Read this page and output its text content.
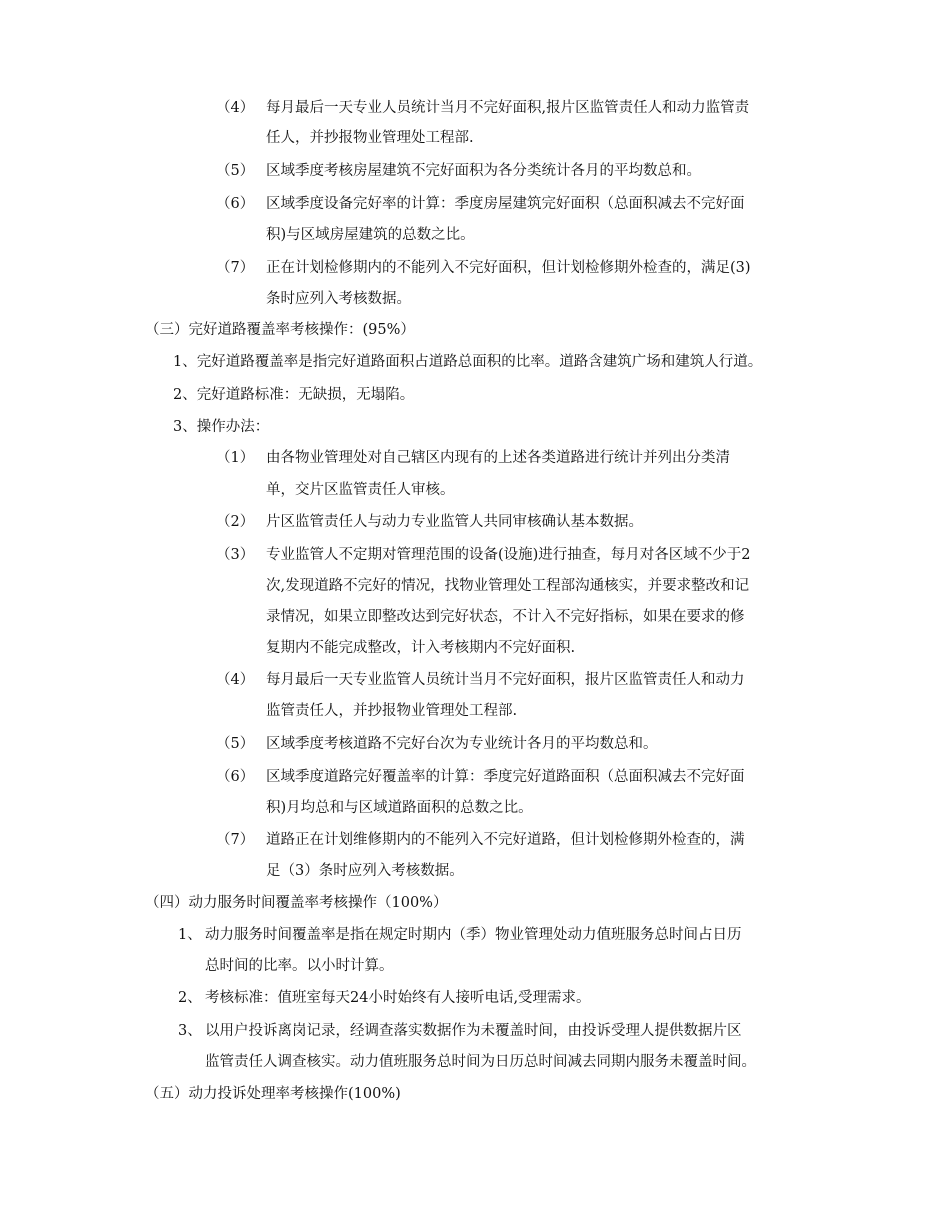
（4） 每月最后一天专业人员统计当月不完好面积,报片区监管责任人和动力监管责
任人，并抄报物业管理处工程部.
（5） 区域季度考核房屋建筑不完好面积为各分类统计各月的平均数总和。
（6） 区域季度设备完好率的计算：季度房屋建筑完好面积（总面积减去不完好面
积)与区域房屋建筑的总数之比。
（7） 正在计划检修期内的不能列入不完好面积，但计划检修期外检查的，满足(3)
条时应列入考核数据。
（三）完好道路覆盖率考核操作：(95%）
1、完好道路覆盖率是指完好道路面积占道路总面积的比率。道路含建筑广场和建筑人行道。
2、完好道路标准：无缺损，无塌陷。
3、操作办法：
（1） 由各物业管理处对自己辖区内现有的上述各类道路进行统计并列出分类清
单，交片区监管责任人审核。
（2） 片区监管责任人与动力专业监管人共同审核确认基本数据。
（3） 专业监管人不定期对管理范围的设备(设施)进行抽查，每月对各区域不少于2
次,发现道路不完好的情况，找物业管理处工程部沟通核实，并要求整改和记
录情况，如果立即整改达到完好状态，不计入不完好指标，如果在要求的修
复期内不能完成整改，计入考核期内不完好面积.
（4） 每月最后一天专业监管人员统计当月不完好面积，报片区监管责任人和动力
监管责任人，并抄报物业管理处工程部.
（5） 区域季度考核道路不完好台次为专业统计各月的平均数总和。
（6） 区域季度道路完好覆盖率的计算：季度完好道路面积（总面积减去不完好面
积)月均总和与区域道路面积的总数之比。
（7） 道路正在计划维修期内的不能列入不完好道路，但计划检修期外检查的，满
足（3）条时应列入考核数据。
（四）动力服务时间覆盖率考核操作（100%）
1、 动力服务时间覆盖率是指在规定时期内（季）物业管理处动力值班服务总时间占日历
总时间的比率。以小时计算。
2、 考核标准：值班室每天24小时始终有人接听电话,受理需求。
3、 以用户投诉离岗记录，经调查落实数据作为未覆盖时间，由投诉受理人提供数据片区
监管责任人调查核实。动力值班服务总时间为日历总时间减去同期内服务未覆盖时间。
（五）动力投诉处理率考核操作(100%)
